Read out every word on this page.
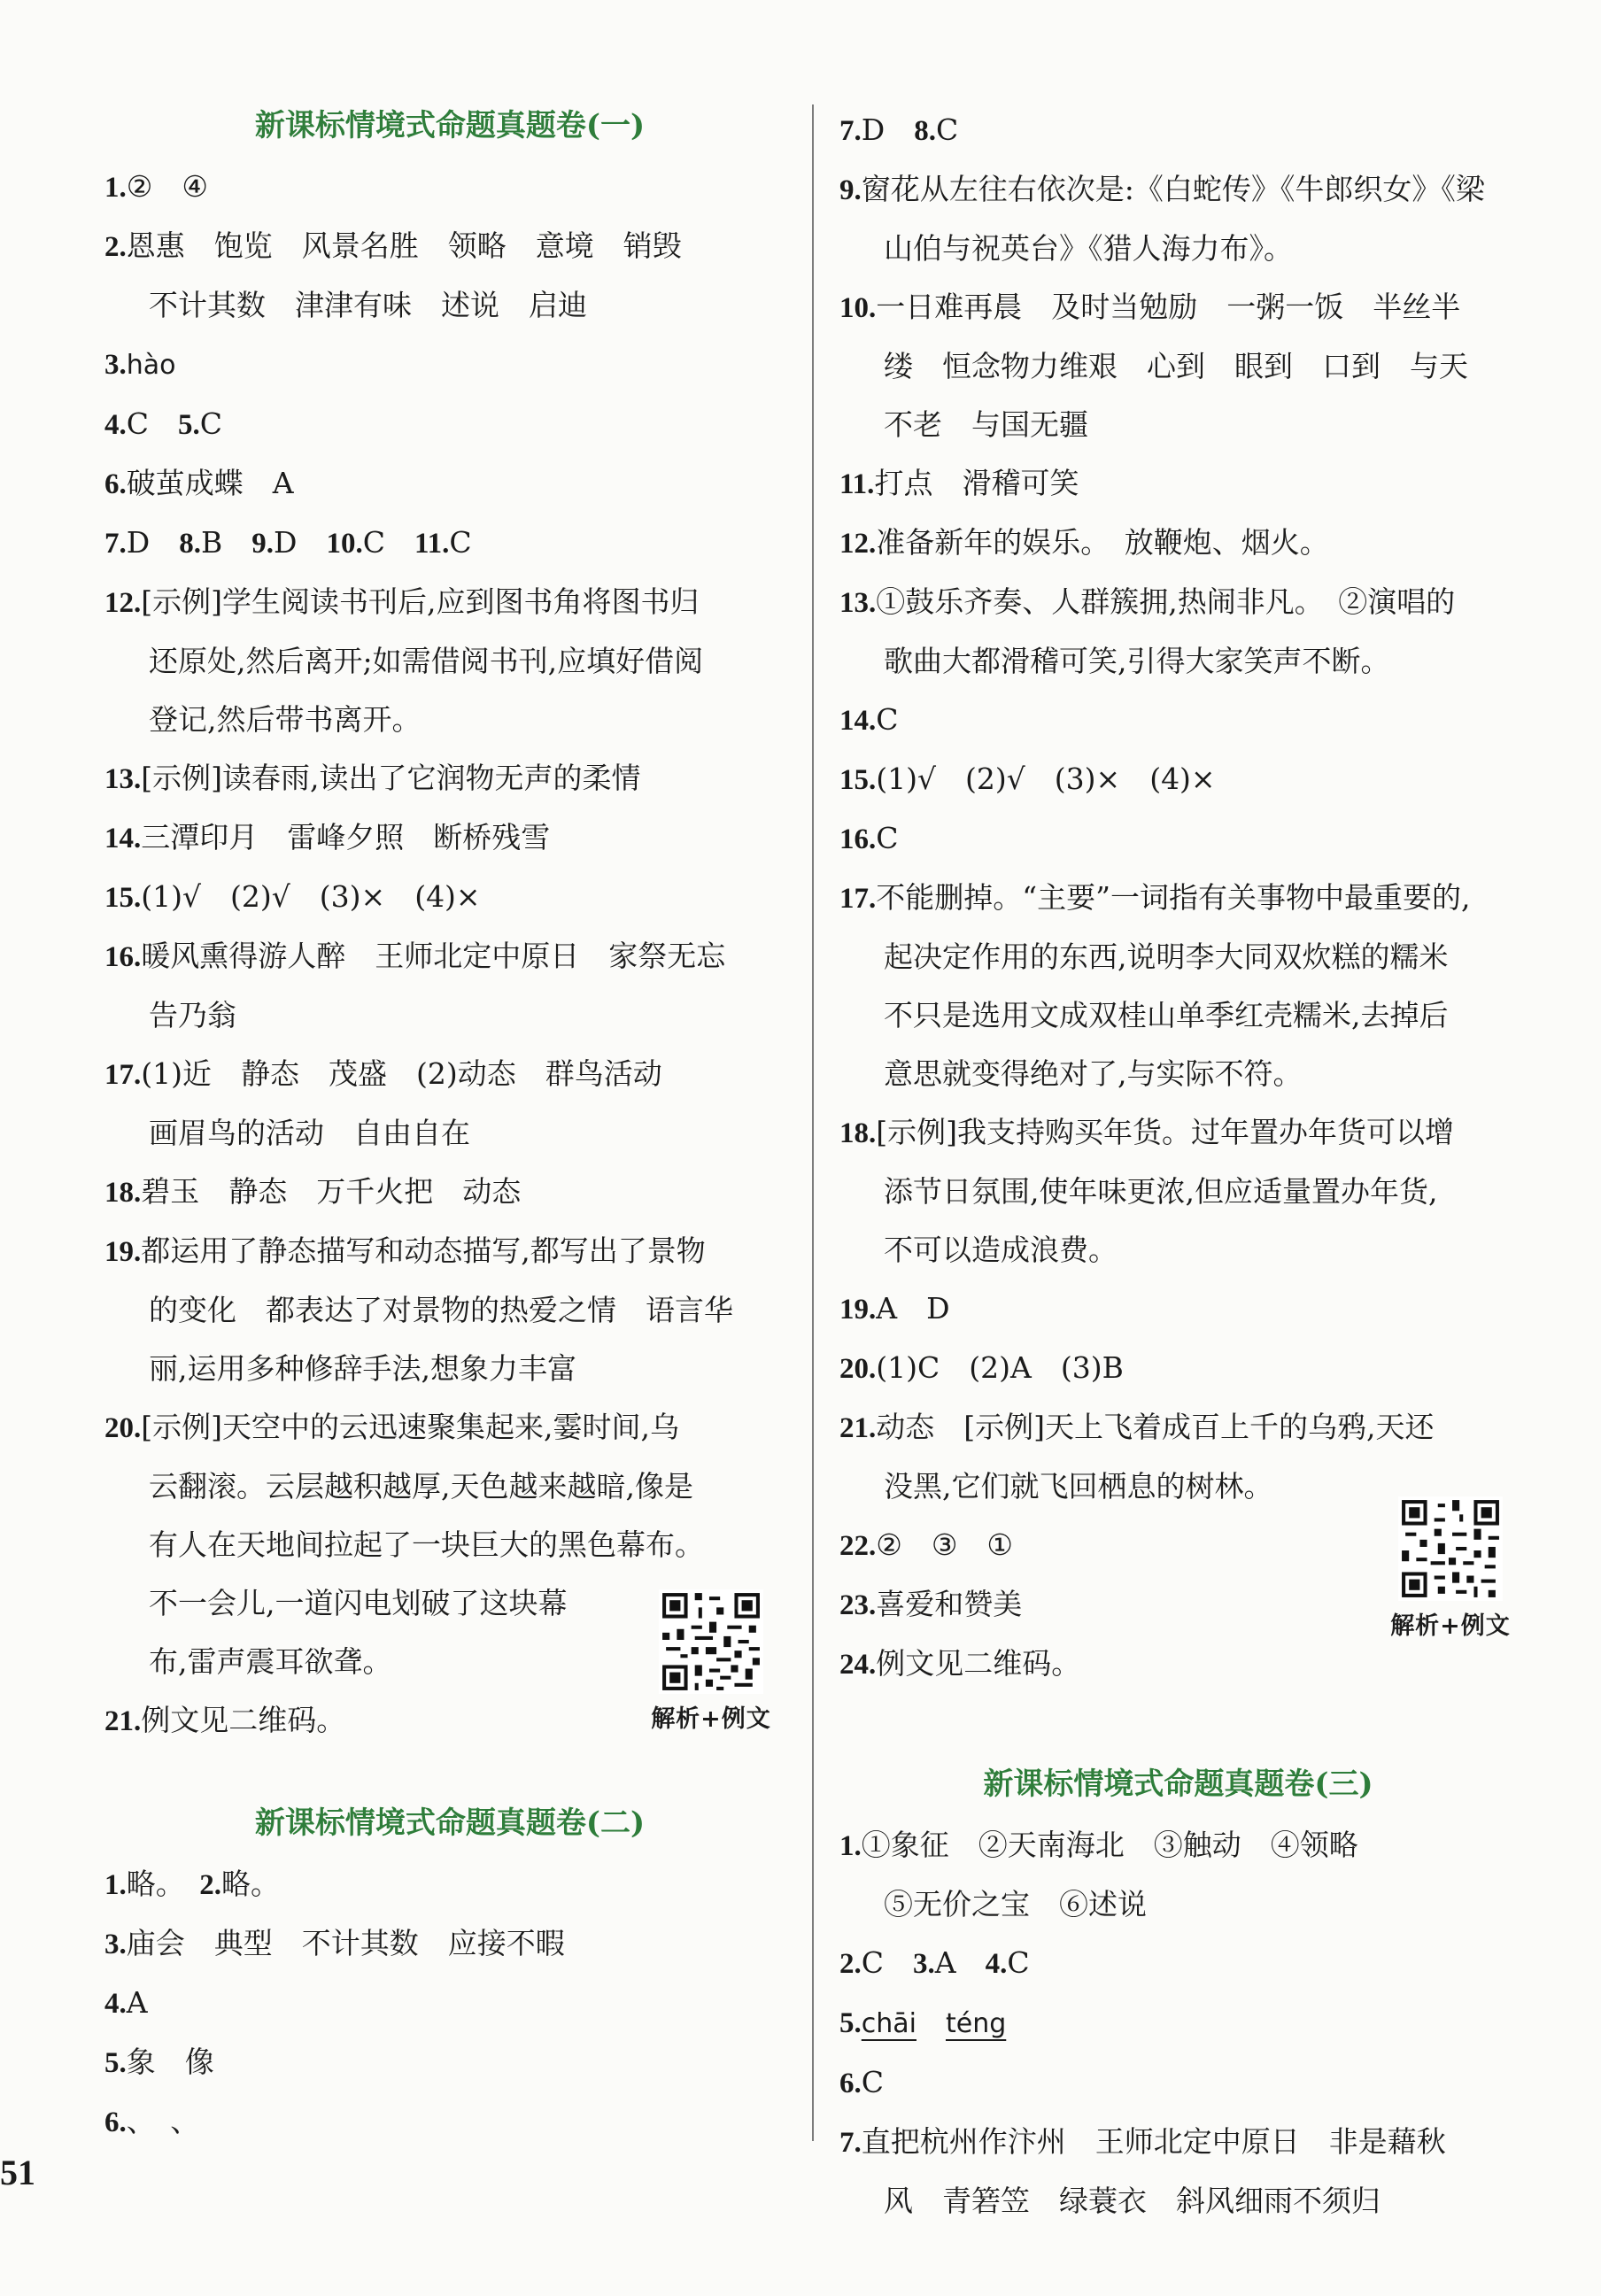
新课标情境式命题真题卷(一)
1.②　④
2.恩惠　饱览　风景名胜　领略　意境　销毁
不计其数　津津有味　述说　启迪
3.hào
4.C　5.C
6.破茧成蝶　A
7.D　8.B　9.D　10.C　11.C
12.[示例]学生阅读书刊后,应到图书角将图书归
还原处,然后离开;如需借阅书刊,应填好借阅
登记,然后带书离开。
13.[示例]读春雨,读出了它润物无声的柔情
14.三潭印月　雷峰夕照　断桥残雪
15.(1)√　(2)√　(3)×　(4)×
16.暖风熏得游人醉　王师北定中原日　家祭无忘
告乃翁
17.(1)近　静态　茂盛　(2)动态　群鸟活动
画眉鸟的活动　自由自在
18.碧玉　静态　万千火把　动态
19.都运用了静态描写和动态描写,都写出了景物
的变化　都表达了对景物的热爱之情　语言华
丽,运用多种修辞手法,想象力丰富
20.[示例]天空中的云迅速聚集起来,霎时间,乌
云翻滚。云层越积越厚,天色越来越暗,像是
有人在天地间拉起了一块巨大的黑色幕布。
不一会儿,一道闪电划破了这块幕
布,雷声震耳欲聋。
21.例文见二维码。
新课标情境式命题真题卷(二)
1.略。　2.略。
3.庙会　典型　不计其数　应接不暇
4.A
5.象　像
6.、　、
7.D　8.C
9.窗花从左往右依次是:《白蛇传》《牛郎织女》《梁
山伯与祝英台》《猎人海力布》。
10.一日难再晨　及时当勉励　一粥一饭　半丝半
缕　恒念物力维艰　心到　眼到　口到　与天
不老　与国无疆
11.打点　滑稽可笑
12.准备新年的娱乐。　放鞭炮、烟火。
13.①鼓乐齐奏、人群簇拥,热闹非凡。　②演唱的
歌曲大都滑稽可笑,引得大家笑声不断。
14.C
15.(1)√　(2)√　(3)×　(4)×
16.C
17.不能删掉。“主要”一词指有关事物中最重要的,
起决定作用的东西,说明李大同双炊糕的糯米
不只是选用文成双桂山单季红壳糯米,去掉后
意思就变得绝对了,与实际不符。
18.[示例]我支持购买年货。过年置办年货可以增
添节日氛围,使年味更浓,但应适量置办年货,
不可以造成浪费。
19.A　D
20.(1)C　(2)A　(3)B
21.动态　[示例]天上飞着成百上千的乌鸦,天还
没黑,它们就飞回栖息的树林。
22.②　③　①
23.喜爱和赞美
24.例文见二维码。
新课标情境式命题真题卷(三)
1.①象征　②天南海北　③触动　④领略
⑤无价之宝　⑥述说
2.C　3.A　4.C
5.chāi　 téng
6.C
7.直把杭州作汴州　王师北定中原日　非是藉秋
风　青箬笠　绿蓑衣　斜风细雨不须归
解析+例文
解析+例文
51
